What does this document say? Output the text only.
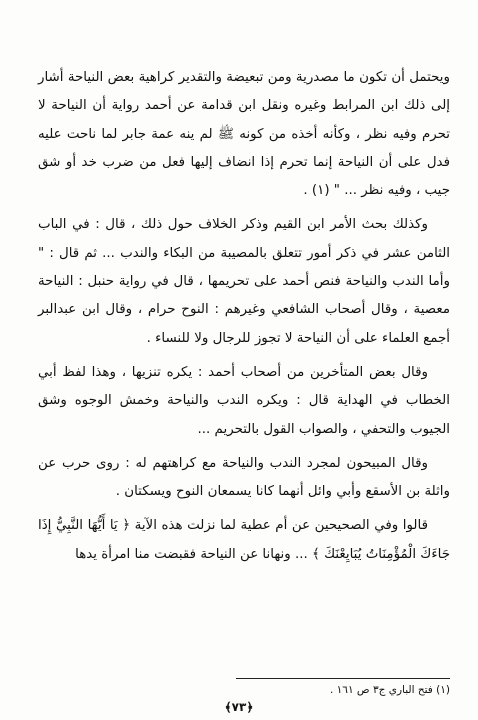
ويحتمل أن تكون ما مصدرية ومن تبعيضة والتقدير كراهية بعض النياحة أشار إلى ذلك ابن المرابط وغيره ونقل ابن قدامة عن أحمد رواية أن النياحة لا تحرم وفيه نظر ، وكأنه أخذه من كونه ﷺ لم ينه عمة جابر لما ناحت عليه فدل على أن النياحة إنما تحرم إذا انضاف إليها فعل من ضرب خد أو شق جيب ، وفيه نظر ... " (١) .

وكذلك بحث الأمر ابن القيم وذكر الخلاف حول ذلك ، قال : في الباب الثامن عشر في ذكر أمور تتعلق بالمصيبة من البكاء والندب ... ثم قال : " وأما الندب والنياحة فنص أحمد على تحريمها ، قال في رواية حنبل : النياحة معصية ، وقال أصحاب الشافعي وغيرهم : النوح حرام ، وقال ابن عبدالبر أجمع العلماء على أن النياحة لا تجوز للرجال ولا للنساء .

وقال بعض المتأخرين من أصحاب أحمد : يكره تنزيها ، وهذا لفظ أبي الخطاب في الهداية قال : ويكره الندب والنياحة وخمش الوجوه وشق الجيوب والتحفي ، والصواب القول بالتحريم ...

وقال المبيحون لمجرد الندب والنياحة مع كراهتهم له : روى حرب عن واثلة بن الأسقع وأبي وائل أنهما كانا يسمعان النوح ويسكتان .

قالوا وفي الصحيحين عن أم عطية لما نزلت هذه الآية ﴿ يَا أَيُّهَا النَّبِيُّ إِذَا جَاءَكَ الْمُؤْمِنَاتُ يُبَايِعْنَكَ ﴾ ... ونهانا عن النياحة فقبضت منا امرأة يدها

(١) فتح الباري ج٣ ص ١٦١ .
﴿٧٣﴾
